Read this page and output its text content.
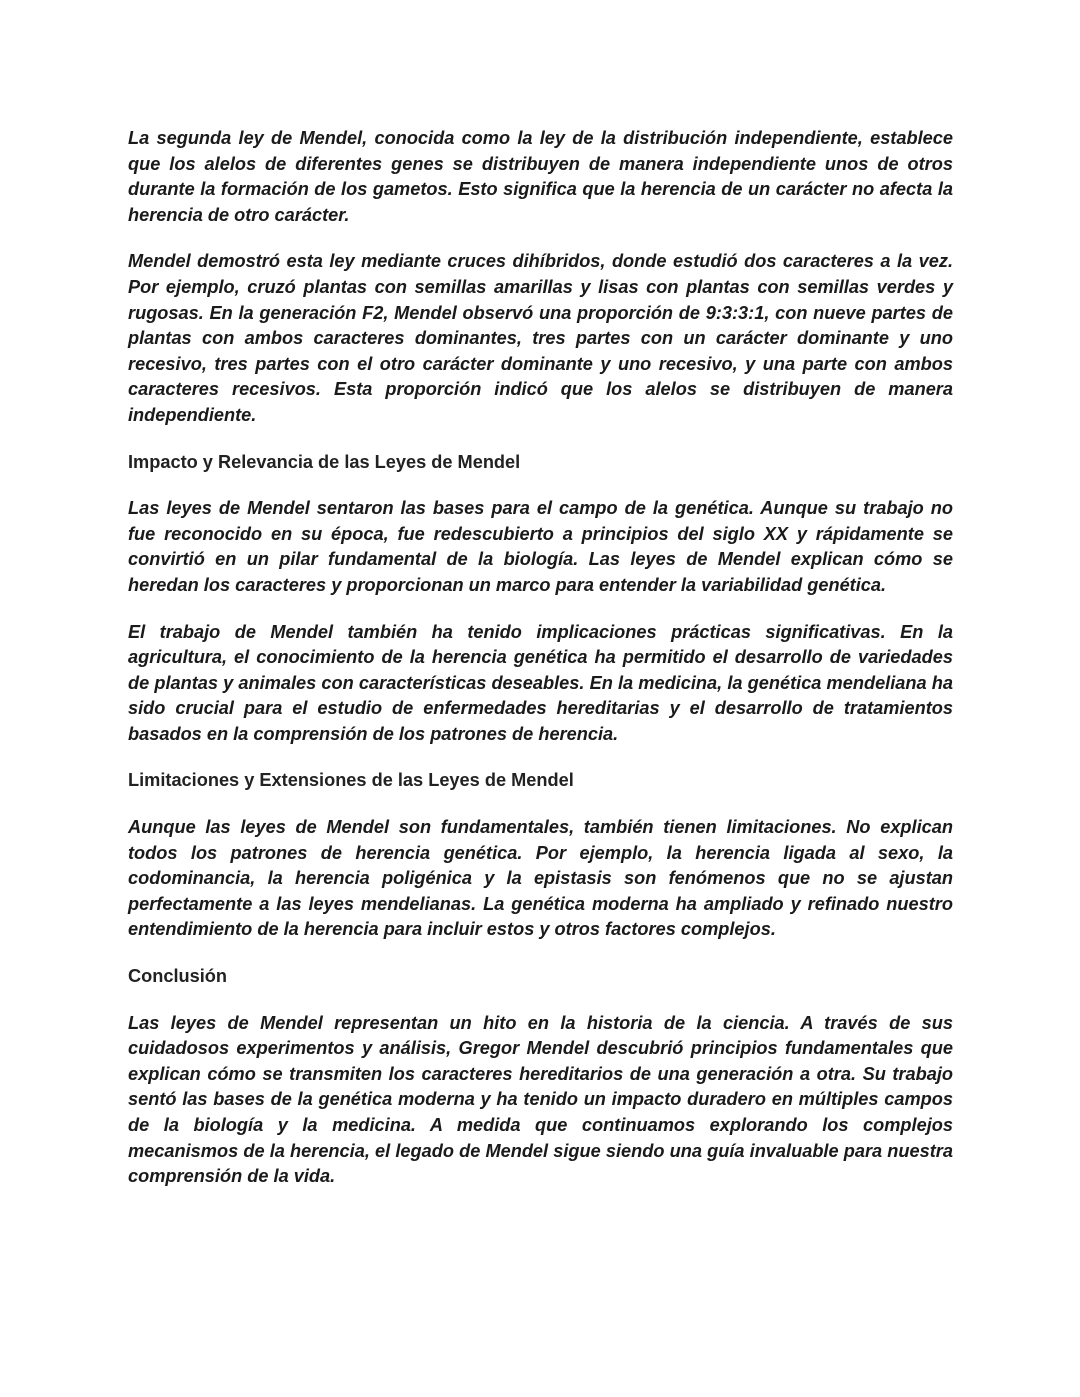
La segunda ley de Mendel, conocida como la ley de la distribución independiente, establece que los alelos de diferentes genes se distribuyen de manera independiente unos de otros durante la formación de los gametos. Esto significa que la herencia de un carácter no afecta la herencia de otro carácter.

Mendel demostró esta ley mediante cruces dihíbridos, donde estudió dos caracteres a la vez. Por ejemplo, cruzó plantas con semillas amarillas y lisas con plantas con semillas verdes y rugosas. En la generación F2, Mendel observó una proporción de 9:3:3:1, con nueve partes de plantas con ambos caracteres dominantes, tres partes con un carácter dominante y uno recesivo, tres partes con el otro carácter dominante y uno recesivo, y una parte con ambos caracteres recesivos. Esta proporción indicó que los alelos se distribuyen de manera independiente.

Impacto y Relevancia de las Leyes de Mendel

Las leyes de Mendel sentaron las bases para el campo de la genética. Aunque su trabajo no fue reconocido en su época, fue redescubierto a principios del siglo XX y rápidamente se convirtió en un pilar fundamental de la biología. Las leyes de Mendel explican cómo se heredan los caracteres y proporcionan un marco para entender la variabilidad genética.

El trabajo de Mendel también ha tenido implicaciones prácticas significativas. En la agricultura, el conocimiento de la herencia genética ha permitido el desarrollo de variedades de plantas y animales con características deseables. En la medicina, la genética mendeliana ha sido crucial para el estudio de enfermedades hereditarias y el desarrollo de tratamientos basados en la comprensión de los patrones de herencia.

Limitaciones y Extensiones de las Leyes de Mendel

Aunque las leyes de Mendel son fundamentales, también tienen limitaciones. No explican todos los patrones de herencia genética. Por ejemplo, la herencia ligada al sexo, la codominancia, la herencia poligénica y la epistasis son fenómenos que no se ajustan perfectamente a las leyes mendelianas. La genética moderna ha ampliado y refinado nuestro entendimiento de la herencia para incluir estos y otros factores complejos.

Conclusión

Las leyes de Mendel representan un hito en la historia de la ciencia. A través de sus cuidadosos experimentos y análisis, Gregor Mendel descubrió principios fundamentales que explican cómo se transmiten los caracteres hereditarios de una generación a otra. Su trabajo sentó las bases de la genética moderna y ha tenido un impacto duradero en múltiples campos de la biología y la medicina. A medida que continuamos explorando los complejos mecanismos de la herencia, el legado de Mendel sigue siendo una guía invaluable para nuestra comprensión de la vida.
